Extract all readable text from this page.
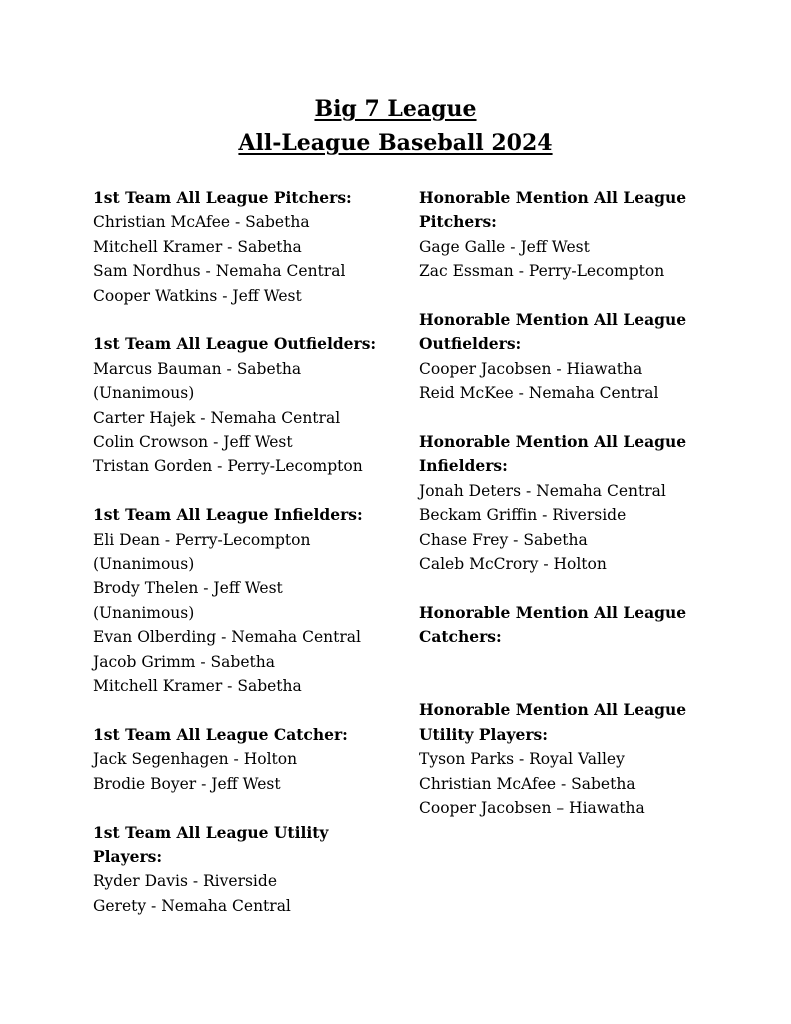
Big 7 League
All-League Baseball 2024
1st Team All League Pitchers:
Christian McAfee - Sabetha
Mitchell Kramer - Sabetha
Sam Nordhus - Nemaha Central
Cooper Watkins - Jeff West
1st Team All League Outfielders:
Marcus Bauman - Sabetha
(Unanimous)
Carter Hajek - Nemaha Central
Colin Crowson - Jeff West
Tristan Gorden - Perry-Lecompton
1st Team All League Infielders:
Eli Dean - Perry-Lecompton
(Unanimous)
Brody Thelen - Jeff West
(Unanimous)
Evan Olberding - Nemaha Central
Jacob Grimm - Sabetha
Mitchell Kramer - Sabetha
1st Team All League Catcher:
Jack Segenhagen - Holton
Brodie Boyer - Jeff West
1st Team All League Utility
Players:
Ryder Davis - Riverside
Gerety - Nemaha Central
Honorable Mention All League
Pitchers:
Gage Galle - Jeff West
Zac Essman - Perry-Lecompton
Honorable Mention All League
Outfielders:
Cooper Jacobsen - Hiawatha
Reid McKee - Nemaha Central
Honorable Mention All League
Infielders:
Jonah Deters - Nemaha Central
Beckam Griffin - Riverside
Chase Frey - Sabetha
Caleb McCrory - Holton
Honorable Mention All League
Catchers:
Honorable Mention All League
Utility Players:
Tyson Parks - Royal Valley
Christian McAfee - Sabetha
Cooper Jacobsen – Hiawatha
